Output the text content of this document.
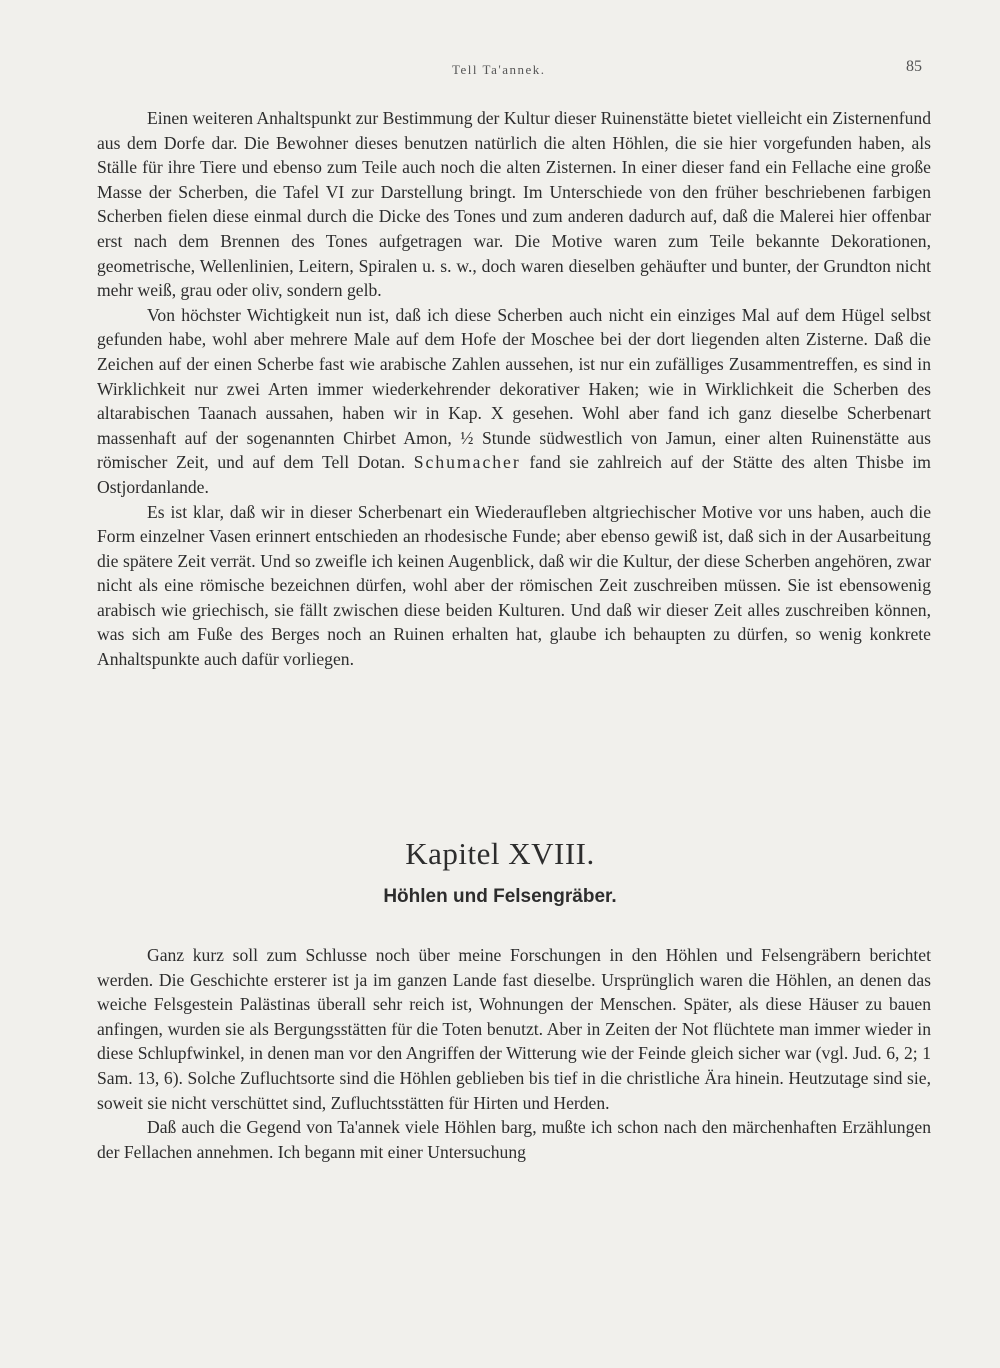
Tell Ta'annek.	85

Einen weiteren Anhaltspunkt zur Bestimmung der Kultur dieser Ruinenstätte bietet vielleicht ein Zisternenfund aus dem Dorfe dar. Die Bewohner dieses benutzen natürlich die alten Höhlen, die sie hier vorgefunden haben, als Ställe für ihre Tiere und ebenso zum Teile auch noch die alten Zisternen. In einer dieser fand ein Fellache eine große Masse der Scherben, die Tafel VI zur Darstellung bringt. Im Unterschiede von den früher beschriebenen farbigen Scherben fielen diese einmal durch die Dicke des Tones und zum anderen dadurch auf, daß die Malerei hier offenbar erst nach dem Brennen des Tones aufgetragen war. Die Motive waren zum Teile bekannte Dekorationen, geometrische, Wellenlinien, Leitern, Spiralen u. s. w., doch waren dieselben gehäufter und bunter, der Grundton nicht mehr weiß, grau oder oliv, sondern gelb.

Von höchster Wichtigkeit nun ist, daß ich diese Scherben auch nicht ein einziges Mal auf dem Hügel selbst gefunden habe, wohl aber mehrere Male auf dem Hofe der Moschee bei der dort liegenden alten Zisterne. Daß die Zeichen auf der einen Scherbe fast wie arabische Zahlen aussehen, ist nur ein zufälliges Zusammentreffen, es sind in Wirklichkeit nur zwei Arten immer wiederkehrender dekorativer Haken; wie in Wirklichkeit die Scherben des altarabischen Taanach aussahen, haben wir in Kap. X gesehen. Wohl aber fand ich ganz dieselbe Scherbenart massenhaft auf der sogenannten Chirbet Amon, ½ Stunde südwestlich von Jamun, einer alten Ruinenstätte aus römischer Zeit, und auf dem Tell Dotan. Schumacher fand sie zahlreich auf der Stätte des alten Thisbe im Ostjordanlande.

Es ist klar, daß wir in dieser Scherbenart ein Wiederaufleben altgriechischer Motive vor uns haben, auch die Form einzelner Vasen erinnert entschieden an rhodesische Funde; aber ebenso gewiß ist, daß sich in der Ausarbeitung die spätere Zeit verrät. Und so zweifle ich keinen Augenblick, daß wir die Kultur, der diese Scherben angehören, zwar nicht als eine römische bezeichnen dürfen, wohl aber der römischen Zeit zuschreiben müssen. Sie ist ebensowenig arabisch wie griechisch, sie fällt zwischen diese beiden Kulturen. Und daß wir dieser Zeit alles zuschreiben können, was sich am Fuße des Berges noch an Ruinen erhalten hat, glaube ich behaupten zu dürfen, so wenig konkrete Anhaltspunkte auch dafür vorliegen.

Kapitel XVIII.
Höhlen und Felsengräber.

Ganz kurz soll zum Schlusse noch über meine Forschungen in den Höhlen und Felsengräbern berichtet werden. Die Geschichte ersterer ist ja im ganzen Lande fast dieselbe. Ursprünglich waren die Höhlen, an denen das weiche Felsgestein Palästinas überall sehr reich ist, Wohnungen der Menschen. Später, als diese Häuser zu bauen anfingen, wurden sie als Bergungsstätten für die Toten benutzt. Aber in Zeiten der Not flüchtete man immer wieder in diese Schlupfwinkel, in denen man vor den Angriffen der Witterung wie der Feinde gleich sicher war (vgl. Jud. 6, 2; 1 Sam. 13, 6). Solche Zufluchtsorte sind die Höhlen geblieben bis tief in die christliche Ära hinein. Heutzutage sind sie, soweit sie nicht verschüttet sind, Zufluchtsstätten für Hirten und Herden.

Daß auch die Gegend von Ta'annek viele Höhlen barg, mußte ich schon nach den märchenhaften Erzählungen der Fellachen annehmen. Ich begann mit einer Untersuchung
